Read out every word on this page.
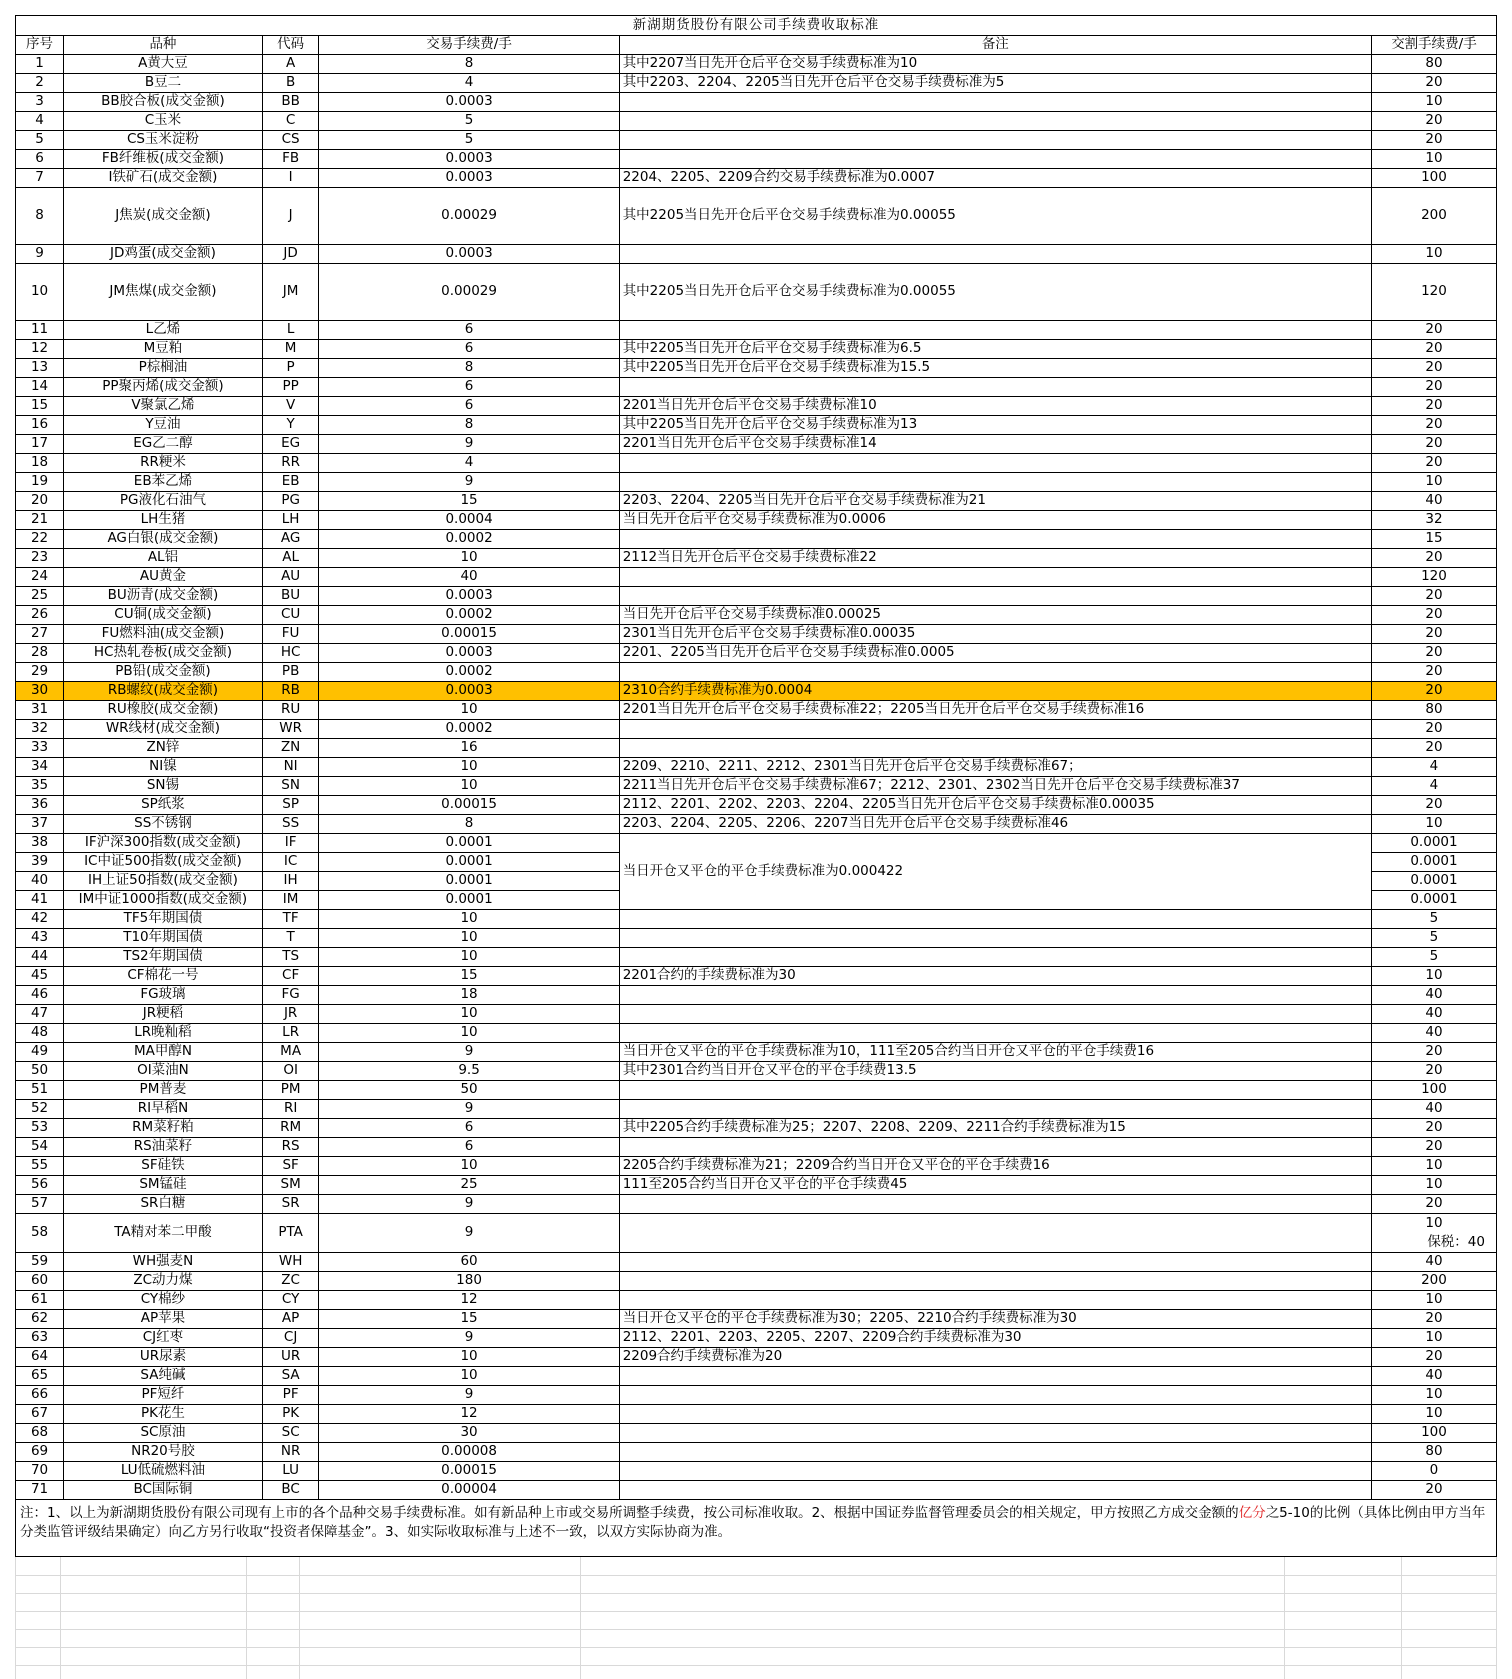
新湖期货股份有限公司手续费收取标准					
序号	品种	代码	交易手续费/手	备注	交割手续费/手
1	A黄大豆	A	8	其中2207当日先开仓后平仓交易手续费标准为10	80
2	B豆二	B	4	其中2203、2204、2205当日先开仓后平仓交易手续费标准为5	20
3	BB胶合板(成交金额)	BB	0.0003		10
4	C玉米	C	5		20
5	CS玉米淀粉	CS	5		20
6	FB纤维板(成交金额)	FB	0.0003		10
7	I铁矿石(成交金额)	I	0.0003	2204、2205、2209合约交易手续费标准为0.0007	100
8	J焦炭(成交金额)	J	0.00029	其中2205当日先开仓后平仓交易手续费标准为0.00055	200
9	JD鸡蛋(成交金额)	JD	0.0003		10
10	JM焦煤(成交金额)	JM	0.00029	其中2205当日先开仓后平仓交易手续费标准为0.00055	120
11	L乙烯	L	6		20
12	M豆粕	M	6	其中2205当日先开仓后平仓交易手续费标准为6.5	20
13	P棕榈油	P	8	其中2205当日先开仓后平仓交易手续费标准为15.5	20
14	PP聚丙烯(成交金额)	PP	6		20
15	V聚氯乙烯	V	6	2201当日先开仓后平仓交易手续费标准10	20
16	Y豆油	Y	8	其中2205当日先开仓后平仓交易手续费标准为13	20
17	EG乙二醇	EG	9	2201当日先开仓后平仓交易手续费标准14	20
18	RR粳米	RR	4		20
19	EB苯乙烯	EB	9		10
20	PG液化石油气	PG	15	2203、2204、2205当日先开仓后平仓交易手续费标准为21	40
21	LH生猪	LH	0.0004	当日先开仓后平仓交易手续费标准为0.0006	32
22	AG白银(成交金额)	AG	0.0002		15
23	AL铝	AL	10	2112当日先开仓后平仓交易手续费标准22	20
24	AU黄金	AU	40		120
25	BU沥青(成交金额)	BU	0.0003		20
26	CU铜(成交金额)	CU	0.0002	当日先开仓后平仓交易手续费标准0.00025	20
27	FU燃料油(成交金额)	FU	0.00015	2301当日先开仓后平仓交易手续费标准0.00035	20
28	HC热轧卷板(成交金额)	HC	0.0003	2201、2205当日先开仓后平仓交易手续费标准0.0005	20
29	PB铅(成交金额)	PB	0.0002		20
30	RB螺纹(成交金额)	RB	0.0003	2310合约手续费标准为0.0004	20
31	RU橡胶(成交金额)	RU	10	2201当日先开仓后平仓交易手续费标准22；2205当日先开仓后平仓交易手续费标准16	80
32	WR线材(成交金额)	WR	0.0002		20
33	ZN锌	ZN	16		20
34	NI镍	NI	10	2209、2210、2211、2212、2301当日先开仓后平仓交易手续费标准67；	4
35	SN锡	SN	10	2211当日先开仓后平仓交易手续费标准67；2212、2301、2302当日先开仓后平仓交易手续费标准37	4
36	SP纸浆	SP	0.00015	2112、2201、2202、2203、2204、2205当日先开仓后平仓交易手续费标准0.00035	20
37	SS不锈钢	SS	8	2203、2204、2205、2206、2207当日先开仓后平仓交易手续费标准46	10
38	IF沪深300指数(成交金额)	IF	0.0001	当日开仓又平仓的平仓手续费标准为0.000422	0.0001
39	IC中证500指数(成交金额)	IC	0.0001		0.0001
40	IH上证50指数(成交金额)	IH	0.0001		0.0001
41	IM中证1000指数(成交金额)	IM	0.0001		0.0001
42	TF5年期国债	TF	10		5
43	T10年期国债	T	10		5
44	TS2年期国债	TS	10		5
45	CF棉花一号	CF	15	2201合约的手续费标准为30	10
46	FG玻璃	FG	18		40
47	JR粳稻	JR	10		40
48	LR晚籼稻	LR	10		40
49	MA甲醇N	MA	9	当日开仓又平仓的平仓手续费标准为10，111至205合约当日开仓又平仓的平仓手续费16	20
50	OI菜油N	OI	9.5	其中2301合约当日开仓又平仓的平仓手续费13.5	20
51	PM普麦	PM	50		100
52	RI早稻N	RI	9		40
53	RM菜籽粕	RM	6	其中2205合约手续费标准为25；2207、2208、2209、2211合约手续费标准为15	20
54	RS油菜籽	RS	6		20
55	SF硅铁	SF	10	2205合约手续费标准为21；2209合约当日开仓又平仓的平仓手续费16	10
56	SM锰硅	SM	25	111至205合约当日开仓又平仓的平仓手续费45	10
57	SR白糖	SR	9		20
58	TA精对苯二甲酸	PTA	9		10
保税：40

59	WH强麦N	WH	60		40
60	ZC动力煤	ZC	180		200
61	CY棉纱	CY	12		10
62	AP苹果	AP	15	当日开仓又平仓的平仓手续费标准为30；2205、2210合约手续费标准为30	20
63	CJ红枣	CJ	9	2112、2201、2203、2205、2207、2209合约手续费标准为30	10
64	UR尿素	UR	10	2209合约手续费标准为20	20
65	SA纯碱	SA	10		40
66	PF短纤	PF	9		10
67	PK花生	PK	12		10
68	SC原油	SC	30		100
69	NR20号胶	NR	0.00008		80
70	LU低硫燃料油	LU	0.00015		0
71	BC国际铜	BC	0.00004		20
注：1、以上为新湖期货股份有限公司现有上市的各个品种交易手续费标准。如有新品种上市或交易所调整手续费，按公司标准收取。2、根据中国证券监督管理委员会的相关规定，甲方按照乙方成交金额的亿分之5-10的比例（具体比例由甲方当年分类监管评级结果确定）向乙方另行收取“投资者保障基金”。3、如实际收取标准与上述不一致，以双方实际协商为准。
